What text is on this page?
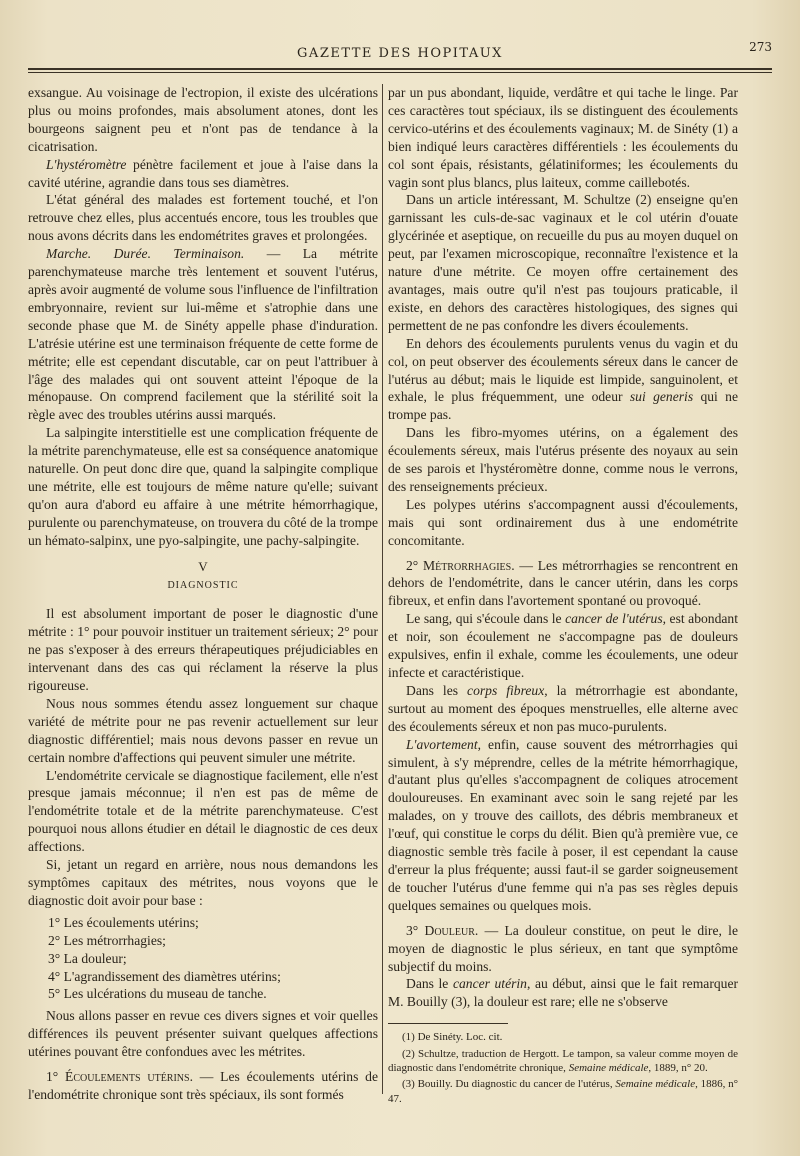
GAZETTE DES HOPITAUX	273

exsangue. Au voisinage de l'ectropion, il existe des ulcérations plus ou moins profondes, mais absolument atones, dont les bourgeons saignent peu et n'ont pas de tendance à la cicatrisation.

L'hystéromètre pénètre facilement et joue à l'aise dans la cavité utérine, agrandie dans tous ses diamètres.

L'état général des malades est fortement touché, et l'on retrouve chez elles, plus accentués encore, tous les troubles que nous avons décrits dans les endométrites graves et prolongées.

Marche. Durée. Terminaison. — La métrite parenchymateuse marche très lentement et souvent l'utérus, après avoir augmenté de volume sous l'influence de l'infiltration embryonnaire, revient sur lui-même et s'atrophie dans une seconde phase que M. de Sinéty appelle phase d'induration. L'atrésie utérine est une terminaison fréquente de cette forme de métrite; elle est cependant discutable, car on peut l'attribuer à l'âge des malades qui ont souvent atteint l'époque de la ménopause. On comprend facilement que la stérilité soit la règle avec des troubles utérins aussi marqués.

La salpingite interstitielle est une complication fréquente de la métrite parenchymateuse, elle est sa conséquence anatomique naturelle. On peut donc dire que, quand la salpingite complique une métrite, elle est toujours de même nature qu'elle; suivant qu'on aura d'abord eu affaire à une métrite hémorrhagique, purulente ou parenchymateuse, on trouvera du côté de la trompe un hémato-salpinx, une pyo-salpingite, une pachy-salpingite.

V
DIAGNOSTIC

Il est absolument important de poser le diagnostic d'une métrite : 1° pour pouvoir instituer un traitement sérieux; 2° pour ne pas s'exposer à des erreurs thérapeutiques préjudiciables en intervenant dans des cas qui réclament la réserve la plus rigoureuse.

Nous nous sommes étendu assez longuement sur chaque variété de métrite pour ne pas revenir actuellement sur leur diagnostic différentiel; mais nous devons passer en revue un certain nombre d'affections qui peuvent simuler une métrite.

L'endométrite cervicale se diagnostique facilement, elle n'est presque jamais méconnue; il n'en est pas de même de l'endométrite totale et de la métrite parenchymateuse. C'est pourquoi nous allons étudier en détail le diagnostic de ces deux affections.

Si, jetant un regard en arrière, nous nous demandons les symptômes capitaux des métrites, nous voyons que le diagnostic doit avoir pour base :

1° Les écoulements utérins;
2° Les métrorrhagies;
3° La douleur;
4° L'agrandissement des diamètres utérins;
5° Les ulcérations du museau de tanche.

Nous allons passer en revue ces divers signes et voir quelles différences ils peuvent présenter suivant quelques affections utérines pouvant être confondues avec les métrites.

1° Écoulements utérins. — Les écoulements utérins de l'endométrite chronique sont très spéciaux, ils sont formés

par un pus abondant, liquide, verdâtre et qui tache le linge. Par ces caractères tout spéciaux, ils se distinguent des écoulements cervico-utérins et des écoulements vaginaux; M. de Sinéty (1) a bien indiqué leurs caractères différentiels : les écoulements du col sont épais, résistants, gélatiniformes; les écoulements du vagin sont plus blancs, plus laiteux, comme caillebotés.

Dans un article intéressant, M. Schultze (2) enseigne qu'en garnissant les culs-de-sac vaginaux et le col utérin d'ouate glycérinée et aseptique, on recueille du pus au moyen duquel on peut, par l'examen microscopique, reconnaître l'existence et la nature d'une métrite. Ce moyen offre certainement des avantages, mais outre qu'il n'est pas toujours praticable, il existe, en dehors des caractères histologiques, des signes qui permettent de ne pas confondre les divers écoulements.

En dehors des écoulements purulents venus du vagin et du col, on peut observer des écoulements séreux dans le cancer de l'utérus au début; mais le liquide est limpide, sanguinolent, et exhale, le plus fréquemment, une odeur sui generis qui ne trompe pas.

Dans les fibro-myomes utérins, on a également des écoulements séreux, mais l'utérus présente des noyaux au sein de ses parois et l'hystéromètre donne, comme nous le verrons, des renseignements précieux.

Les polypes utérins s'accompagnent aussi d'écoulements, mais qui sont ordinairement dus à une endométrite concomitante.

2° Métrorrhagies. — Les métrorrhagies se rencontrent en dehors de l'endométrite, dans le cancer utérin, dans les corps fibreux, et enfin dans l'avortement spontané ou provoqué.

Le sang, qui s'écoule dans le cancer de l'utérus, est abondant et noir, son écoulement ne s'accompagne pas de douleurs expulsives, enfin il exhale, comme les écoulements, une odeur infecte et caractéristique.

Dans les corps fibreux, la métrorrhagie est abondante, surtout au moment des époques menstruelles, elle alterne avec des écoulements séreux et non pas muco-purulents.

L'avortement, enfin, cause souvent des métrorrhagies qui simulent, à s'y méprendre, celles de la métrite hémorrhagique, d'autant plus qu'elles s'accompagnent de coliques atrocement douloureuses. En examinant avec soin le sang rejeté par les malades, on y trouve des caillots, des débris membraneux et l'œuf, qui constitue le corps du délit. Bien qu'à première vue, ce diagnostic semble très facile à poser, il est cependant la cause d'erreur la plus fréquente; aussi faut-il se garder soigneusement de toucher l'utérus d'une femme qui n'a pas ses règles depuis quelques semaines ou quelques mois.

3° Douleur. — La douleur constitue, on peut le dire, le moyen de diagnostic le plus sérieux, en tant que symptôme subjectif du moins.

Dans le cancer utérin, au début, ainsi que le fait remarquer M. Bouilly (3), la douleur est rare; elle ne s'observe

(1) De Sinéty. Loc. cit.

(2) Schultze, traduction de Hergott. Le tampon, sa valeur comme moyen de diagnostic dans l'endométrite chronique, Semaine médicale, 1889, n° 20.

(3) Bouilly. Du diagnostic du cancer de l'utérus, Semaine médicale, 1886, n° 47.
